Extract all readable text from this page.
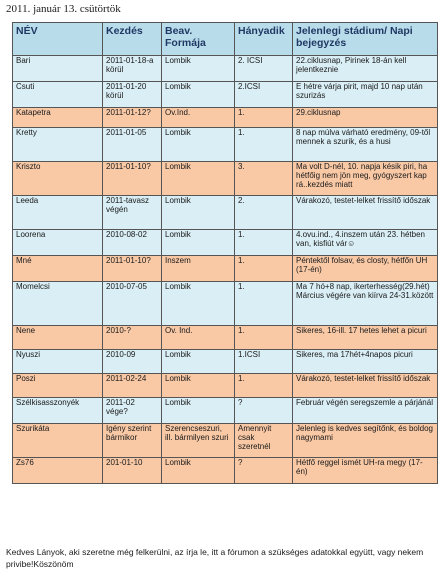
2011. január 13. csütörtök
NÉV	Kezdés	Beav. Formája	Hányadik	Jelenlegi stádium/ Napi bejegyzés
Bari	2011-01-18-a körül	Lombik	2. ICSI	22.ciklusnap, Pirinek 18-án kell jelentkeznie
Csuti	2011-01-20 körül	Lombik	2.ICSI	E hétre várja pirit, majd 10 nap után szurizás
Katapetra	2011-01-12?	Ov.Ind.	1.	29.ciklusnap
Kretty	2011-01-05	Lombik	1.	8 nap múlva várható eredmény, 09-től mennek a szurik, és a husi
Kriszto	2011-01-10?	Lombik	3.	Ma volt D-nél, 10. napja késik piri, ha hétfőig nem jön meg, gyógyszert kap rá..kezdés miatt
Leeda	2011-tavasz végén	Lombik	2.	Várakozó, testet-lelket frissítő időszak
Loorena	2010-08-02	Lombik	1.	4.ovu.ind., 4.inszem után 23. hétben van, kisfiút vár☺
Mné	2011-01-10?	Inszem	1.	Péntektől folsav, és closty, hétfőn UH (17-én)
Momelcsi	2010-07-05	Lombik	1.	Ma 7 hó+8 nap, ikerterhesség(29.hét) Március végére van kiírva 24-31.között
Nene	2010-?	Ov. Ind.	1.	Sikeres, 16-ill. 17 hetes lehet a picuri
Nyuszi	2010-09	Lombik	1.ICSI	Sikeres, ma 17hét+4napos picuri
Poszi	2011-02-24	Lombik	1.	Várakozó, testet-lelket frissítő időszak
Szélkisasszonyék	2011-02 vége?	Lombik	?	Február végén seregszemle a párjánál
Szurikáta	Igény szerint bármikor	Szerencseszuri, ill. bármilyen szuri	Amennyit csak szeretnél	Jelenleg is kedves segítőnk, és boldog nagymami
Zs76	201-01-10	Lombik	?	Hétfő reggel ismét UH-ra megy (17-én)
Kedves Lányok, aki szeretne még felkerülni, az írja le, itt a fórumon a szükséges adatokkal együtt, vagy nekem privibe!Köszönöm
